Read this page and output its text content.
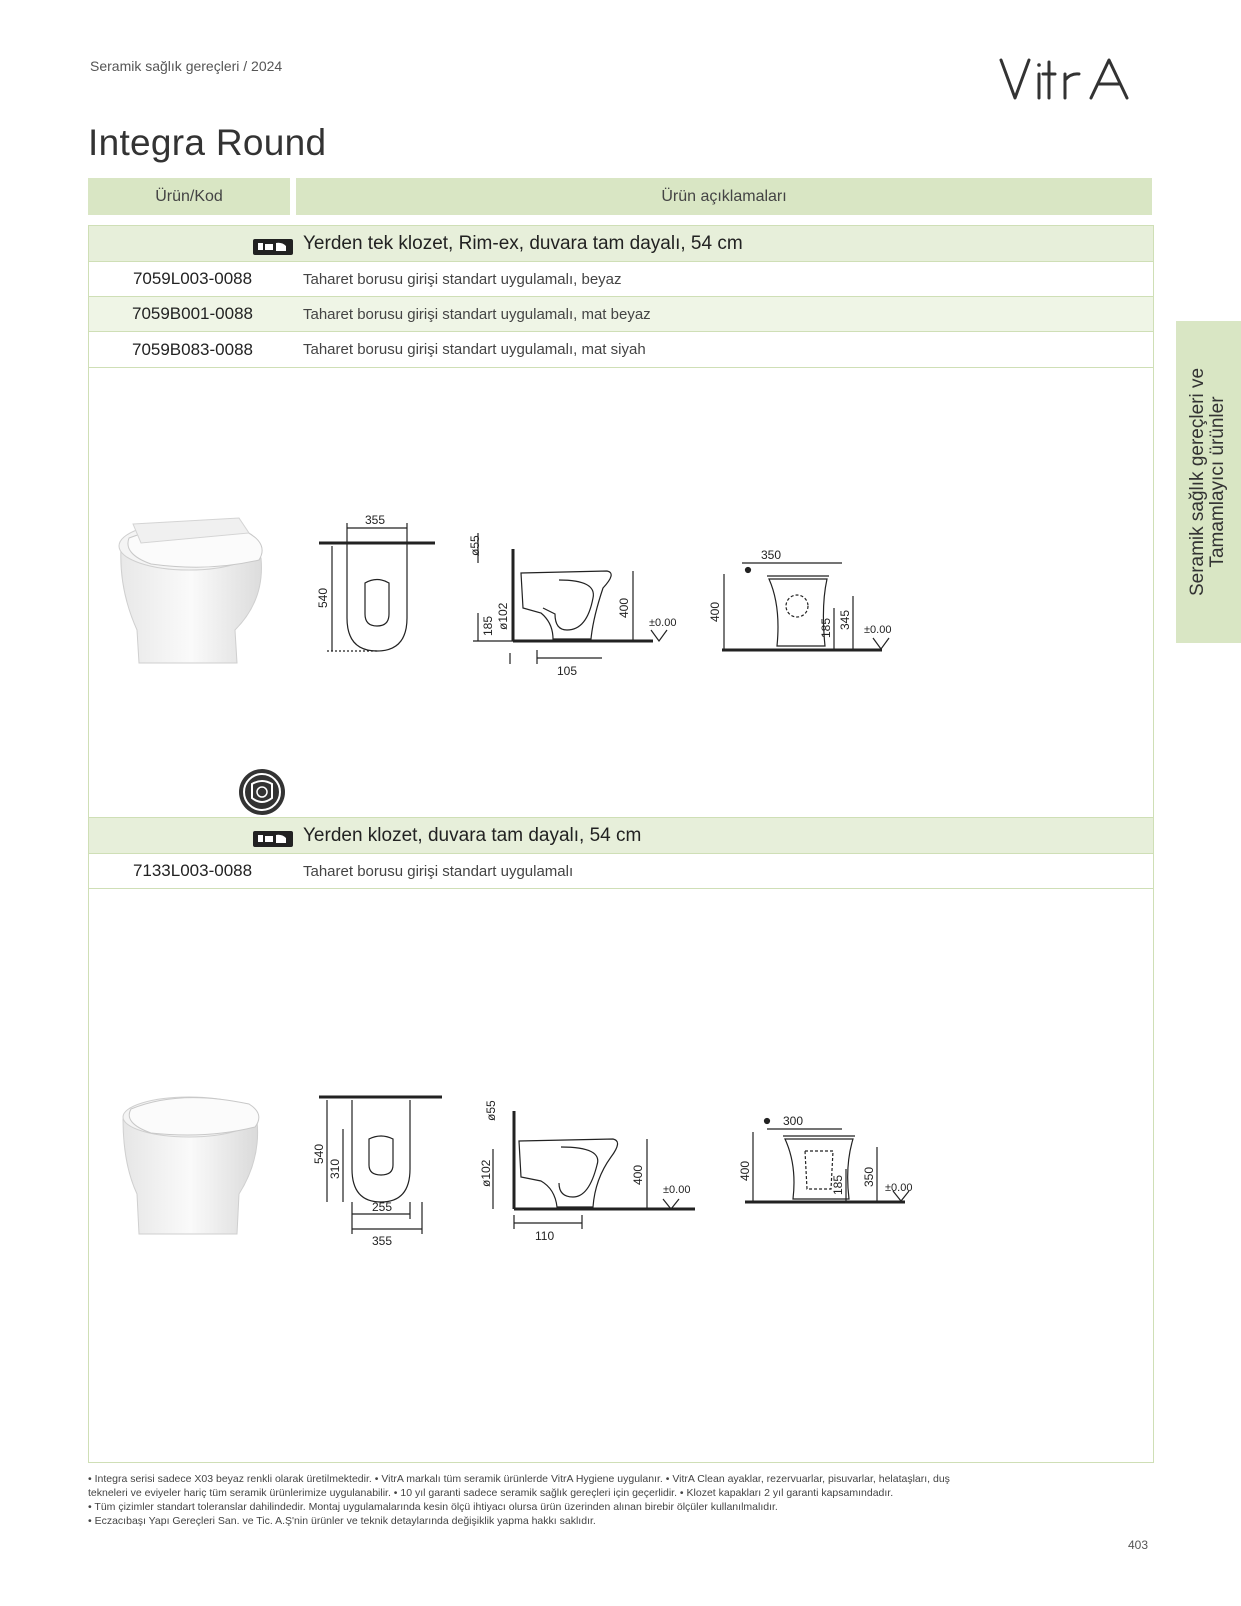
Seramik sağlık gereçleri / 2024
Integra Round
Ürün/Kod	Ürün açıklamaları
Yerden tek klozet, Rim-ex, duvara tam dayalı, 54 cm
7059L003-0088	Taharet borusu girişi standart uygulamalı, beyaz
7059B001-0088	Taharet borusu girişi standart uygulamalı, mat beyaz
7059B083-0088	Taharet borusu girişi standart uygulamalı, mat siyah
355
540
ø55
ø102
185
400
105
±0.00
350
400
185 345 ±0.00
Yerden klozet, duvara tam dayalı, 54 cm
7133L003-0088	Taharet borusu girişi standart uygulamalı
540
310
255
355
ø55
ø102	400
110
±0.00
300
400
185 350
±0.00
Seramik sağlık gereçleri ve Tamamlayıcı ürünler
• Integra serisi sadece X03 beyaz renkli olarak üretilmektedir. • VitrA markalı tüm seramik ürünlerde VitrA Hygiene uygulanır. • VitrA Clean ayaklar, rezervuarlar, pisuvarlar, helataşları, duş
tekneleri ve eviyeler hariç tüm seramik ürünlerimize uygulanabilir. • 10 yıl garanti sadece seramik sağlık gereçleri için geçerlidir. • Klozet kapakları 2 yıl garanti kapsamındadır.
• Tüm çizimler standart toleranslar dahilindedir. Montaj uygulamalarında kesin ölçü ihtiyacı olursa ürün üzerinden alınan birebir ölçüler kullanılmalıdır.
• Eczacıbaşı Yapı Gereçleri San. ve Tic. A.Ş'nin ürünler ve teknik detaylarında değişiklik yapma hakkı saklıdır.
403
